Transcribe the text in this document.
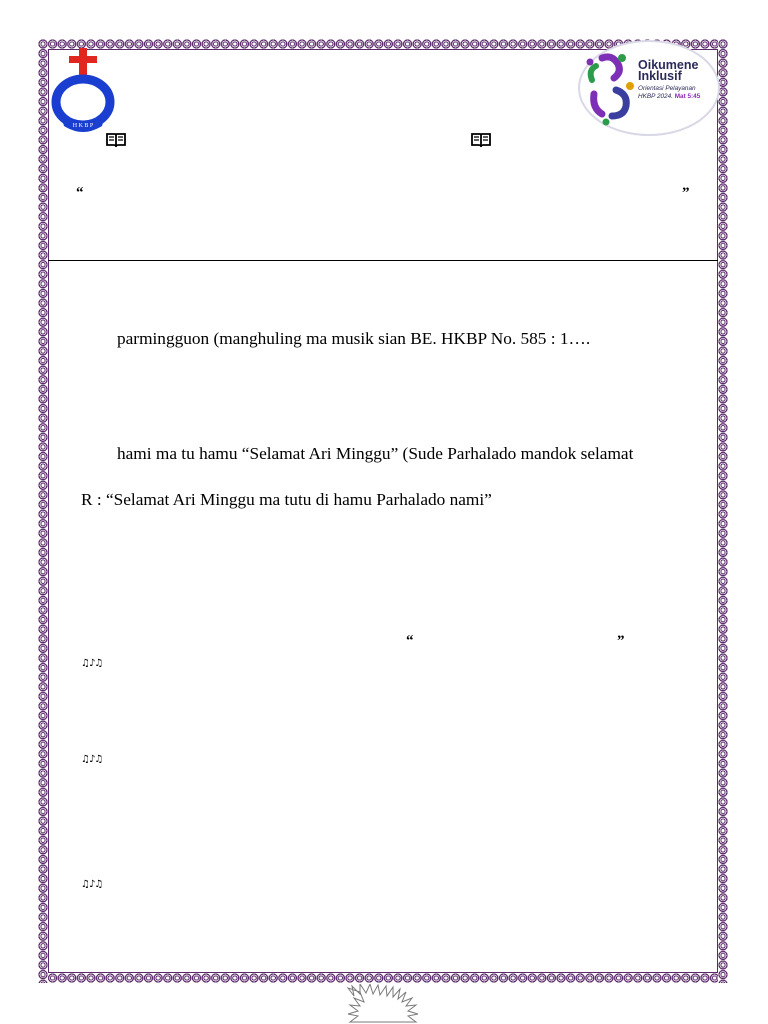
H K B P
Oikumene
Inklusif
Orientasi Pelayanan
HKBP 2024. Mat 5:45
“	”
parmingguon (manghuling ma musik sian BE. HKBP No. 585 : 1….
hami ma tu hamu “Selamat Ari Minggu” (Sude Parhalado mandok selamat
R : “Selamat Ari Minggu ma tutu di hamu Parhalado nami”
“	”
♫♪♫
♫♪♫
♫♪♫
